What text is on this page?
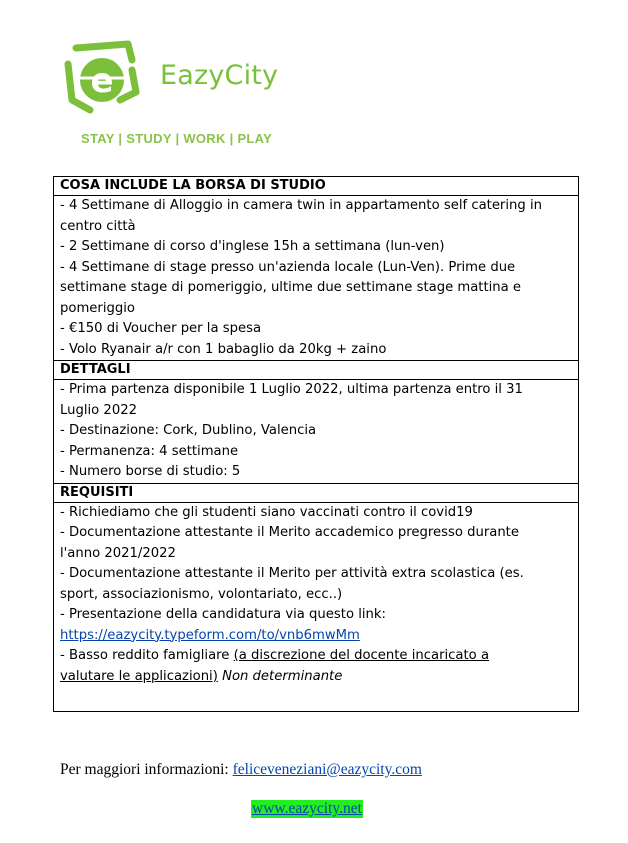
e EazyCity
STAY | STUDY | WORK | PLAY
COSA INCLUDE LA BORSA DI STUDIO

- 4 Settimane di Alloggio in camera twin in appartamento self catering in
centro città
- 2 Settimane di corso d'inglese 15h a settimana (lun-ven)
- 4 Settimane di stage presso un'azienda locale (Lun-Ven). Prime due
settimane stage di pomeriggio, ultime due settimane stage mattina e
pomeriggio
- €150 di Voucher per la spesa
- Volo Ryanair a/r con 1 babaglio da 20kg + zaino

DETTAGLI

- Prima partenza disponibile 1 Luglio 2022, ultima partenza entro il 31
Luglio 2022
- Destinazione: Cork, Dublino, Valencia
- Permanenza: 4 settimane
- Numero borse di studio: 5

REQUISITI

- Richiediamo che gli studenti siano vaccinati contro il covid19
- Documentazione attestante il Merito accademico pregresso durante
l'anno 2021/2022
- Documentazione attestante il Merito per attività extra scolastica (es.
sport, associazionismo, volontariato, ecc..)
- Presentazione della candidatura via questo link:
https://eazycity.typeform.com/to/vnb6mwMm
- Basso reddito famigliare (a discrezione del docente incaricato a
valutare le applicazioni) Non determinante
Per maggiori informazioni: feliceveneziani@eazycity.com
www.eazycity.net
